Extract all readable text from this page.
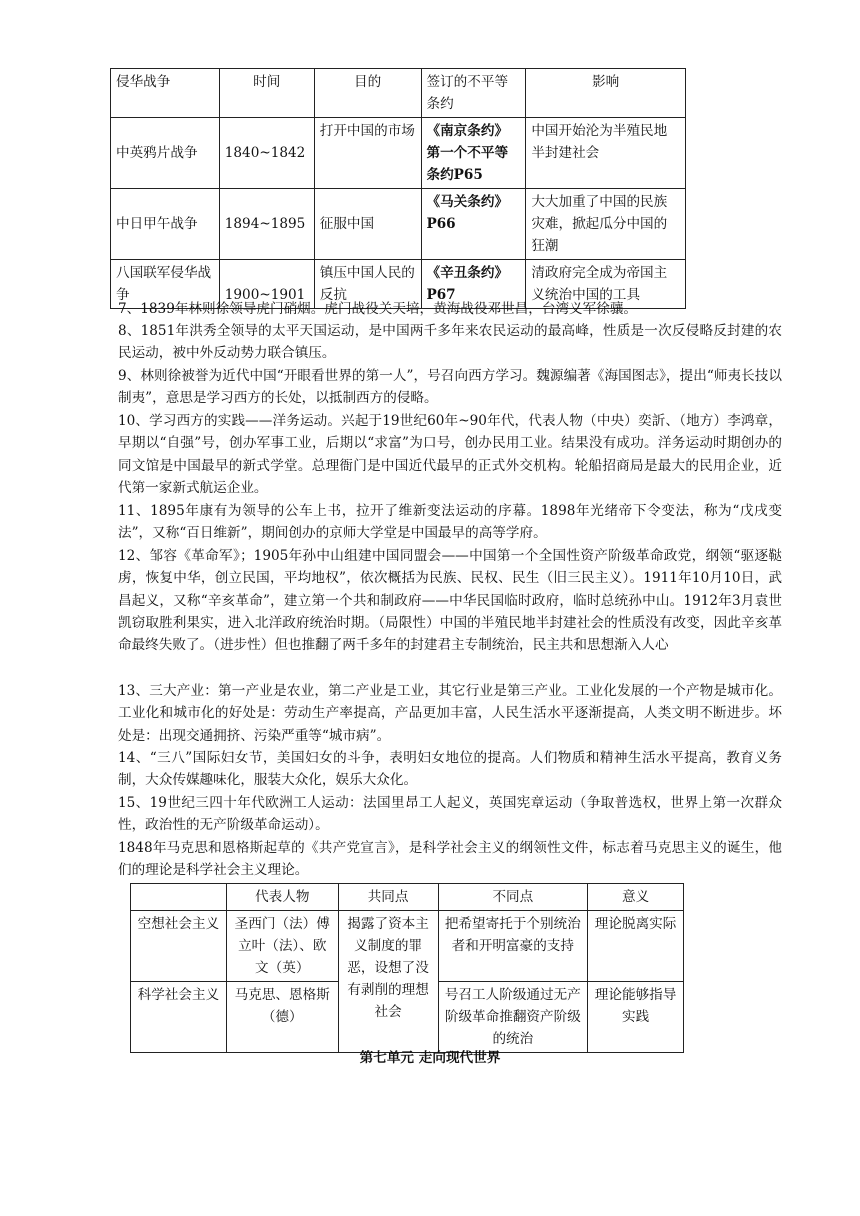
侵华战争	时间	目的	签订的不平等条约	影响
中英鸦片战争	1840~1842	打开中国的市场	《南京条约》第一个不平等条约P65	中国开始沦为半殖民地半封建社会
中日甲午战争	1894~1895	征服中国	《马关条约》P66	大大加重了中国的民族灾难，掀起瓜分中国的狂潮
八国联军侵华战争	1900~1901	镇压中国人民的反抗	《辛丑条约》P67	清政府完全成为帝国主义统治中国的工具
7、1839年林则徐领导虎门硝烟。虎门战役关天培，黄海战役邓世昌，台湾义军徐骧。
8、1851年洪秀全领导的太平天国运动，是中国两千多年来农民运动的最高峰，性质是一次反侵略反封建的农民运动，被中外反动势力联合镇压。
9、林则徐被誉为近代中国“开眼看世界的第一人”，号召向西方学习。魏源编著《海国图志》，提出“师夷长技以制夷”，意思是学习西方的长处，以抵制西方的侵略。
10、学习西方的实践——洋务运动。兴起于19世纪60年~90年代，代表人物（中央）奕訢、（地方）李鸿章，早期以“自强”号，创办军事工业，后期以“求富”为口号，创办民用工业。结果没有成功。洋务运动时期创办的同文馆是中国最早的新式学堂。总理衙门是中国近代最早的正式外交机构。轮船招商局是最大的民用企业，近代第一家新式航运企业。
11、1895年康有为领导的公车上书，拉开了维新变法运动的序幕。1898年光绪帝下令变法，称为“戊戌变法”，又称“百日维新”，期间创办的京师大学堂是中国最早的高等学府。
12、邹容《革命军》；1905年孙中山组建中国同盟会——中国第一个全国性资产阶级革命政党，纲领“驱逐鞑虏，恢复中华，创立民国，平均地权”，依次概括为民族、民权、民生（旧三民主义）。1911年10月10日，武昌起义，又称“辛亥革命”，建立第一个共和制政府——中华民国临时政府，临时总统孙中山。1912年3月袁世凯窃取胜利果实，进入北洋政府统治时期。（局限性）中国的半殖民地半封建社会的性质没有改变，因此辛亥革命最终失败了。（进步性）但也推翻了两千多年的封建君主专制统治，民主共和思想渐入人心
13、三大产业：第一产业是农业，第二产业是工业，其它行业是第三产业。工业化发展的一个产物是城市化。工业化和城市化的好处是：劳动生产率提高，产品更加丰富，人民生活水平逐渐提高，人类文明不断进步。坏处是：出现交通拥挤、污染严重等“城市病”。
14、“三八”国际妇女节，美国妇女的斗争，表明妇女地位的提高。人们物质和精神生活水平提高，教育义务制，大众传媒趣味化，服装大众化，娱乐大众化。
15、19世纪三四十年代欧洲工人运动：法国里昂工人起义，英国宪章运动（争取普选权，世界上第一次群众性，政治性的无产阶级革命运动）。
1848年马克思和恩格斯起草的《共产党宣言》，是科学社会主义的纲领性文件，标志着马克思主义的诞生，他们的理论是科学社会主义理论。
	代表人物	共同点	不同点	意义
空想社会主义	圣西门（法）傅立叶（法）、欧文（英）	揭露了资本主义制度的罪恶，设想了没有剥削的理想社会	把希望寄托于个别统治者和开明富豪的支持	理论脱离实际
科学社会主义	马克思、恩格斯（德）		号召工人阶级通过无产阶级革命推翻资产阶级的统治	理论能够指导实践
第七单元 走向现代世界
